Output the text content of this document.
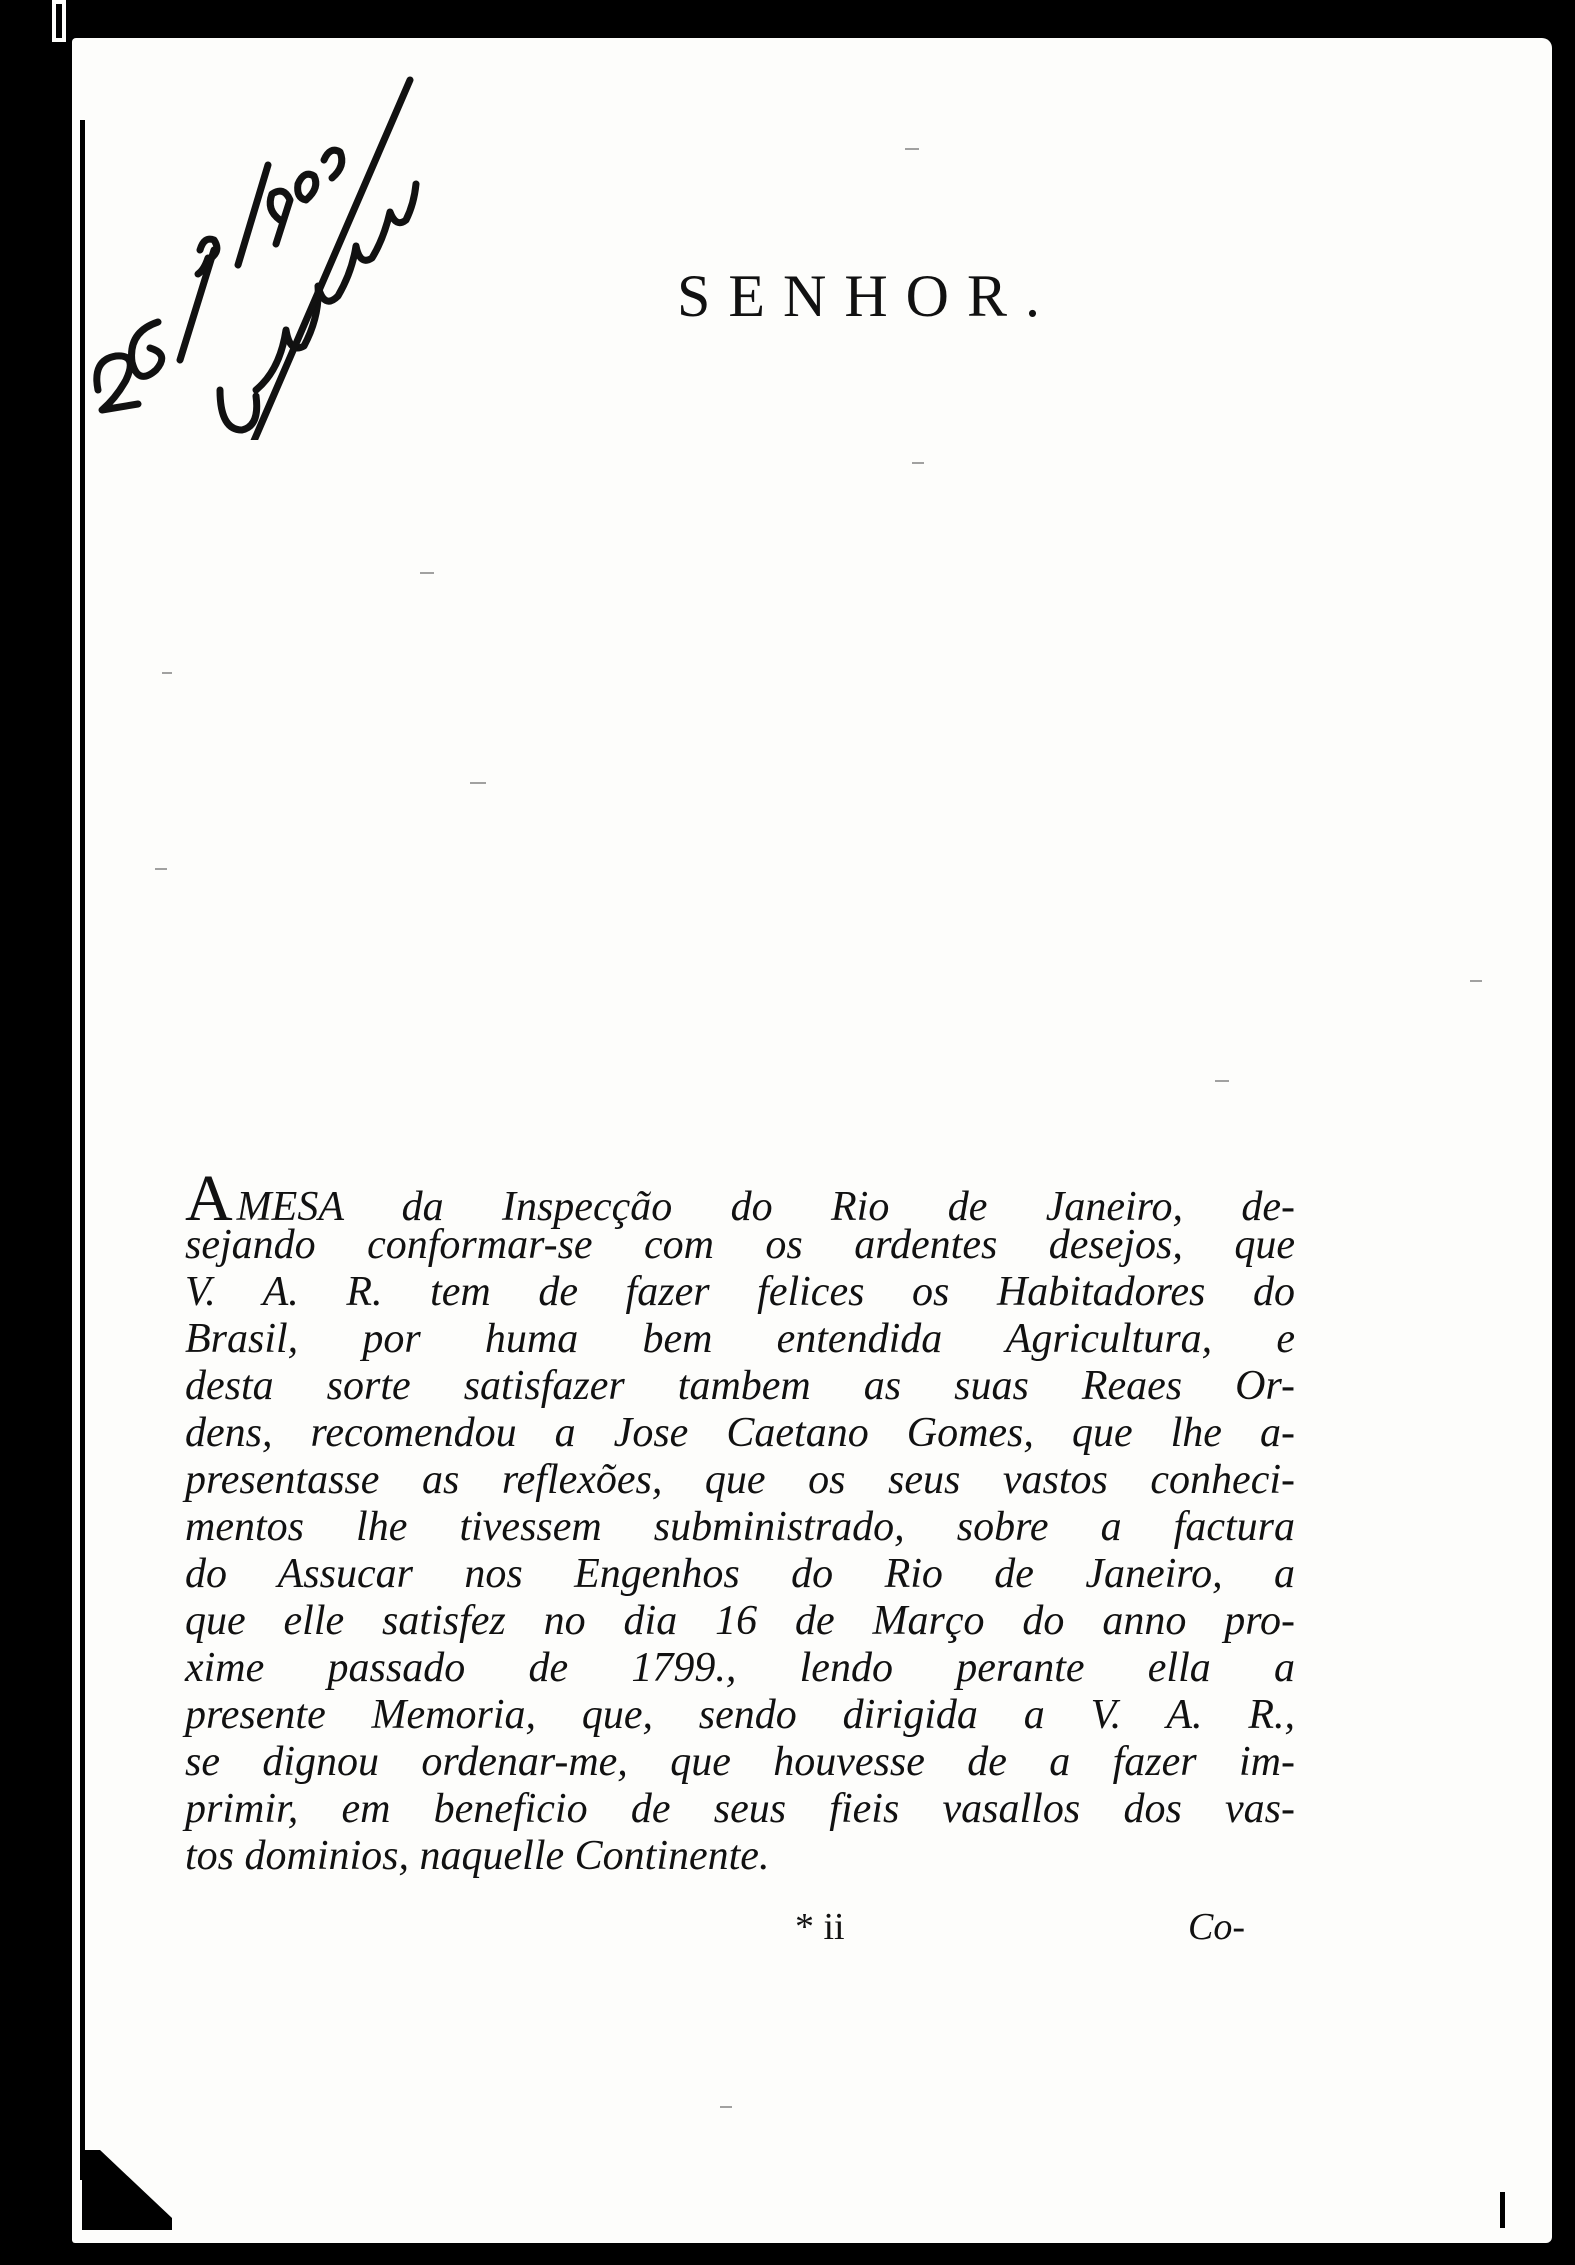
SENHOR.
AMESA da Inspecção do Rio de Janeiro, de-
sejando conformar-se com os ardentes desejos, que
V. A. R. tem de fazer felices os Habitadores do
Brasil, por huma bem entendida Agricultura, e
desta sorte satisfazer tambem as suas Reaes Or-
dens, recomendou a Jose Caetano Gomes, que lhe a-
presentasse as reflexões, que os seus vastos conheci-
mentos lhe tivessem subministrado, sobre a factura
do Assucar nos Engenhos do Rio de Janeiro, a
que elle satisfez no dia 16 de Março do anno pro-
xime passado de 1799., lendo perante ella a
presente Memoria, que, sendo dirigida a V. A. R.,
se dignou ordenar-me, que houvesse de a fazer im-
primir, em beneficio de seus fieis vasallos dos vas-
tos dominios, naquelle Continente.
* ii	Co-
